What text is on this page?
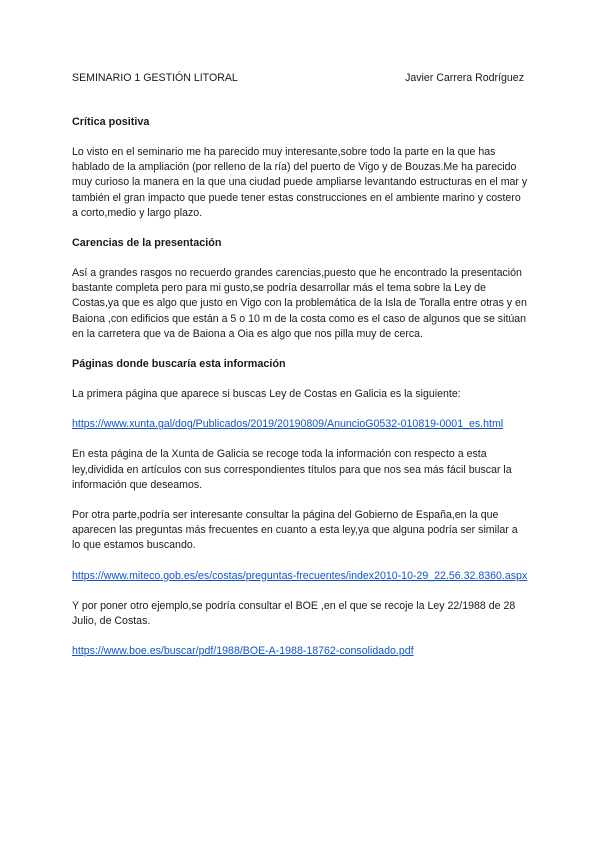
SEMINARIO 1 GESTIÓN LITORAL	Javier Carrera Rodríguez
Crítica positiva

Lo visto en el seminario me ha parecido muy interesante,sobre todo la parte en la que has hablado de la ampliación (por relleno de la ría) del puerto de Vigo y de Bouzas.Me ha parecido muy curioso la manera en la que una ciudad puede ampliarse levantando estructuras en el mar y también el gran impacto que puede tener estas construcciones en el ambiente marino y costero a corto,medio y largo plazo.

Carencias de la presentación

Así a grandes rasgos no recuerdo grandes carencias,puesto que he encontrado la presentación bastante completa pero para mi gusto,se podría desarrollar más el tema sobre la Ley de Costas,ya que es algo que justo en Vigo con la problemática de la Isla de Toralla entre otras y en Baiona ,con edificios que están a 5 o 10 m de la costa como es el caso de algunos que se sitúan en la carretera que va de Baiona a Oia es algo que nos pilla muy de cerca.

Páginas donde buscaría esta información

La primera página que aparece si buscas Ley de Costas en Galicia es la siguiente:

https://www.xunta.gal/dog/Publicados/2019/20190809/AnuncioG0532-010819-0001_es.html

En esta página de la Xunta de Galicia se recoge toda la información con respecto a esta ley,dividida en artículos con sus correspondientes títulos para que nos sea más fácil buscar la información que deseamos.

Por otra parte,podría ser interesante consultar la página del Gobierno de España,en la que aparecen las preguntas más frecuentes en cuanto a esta ley,ya que alguna podría ser similar a lo que estamos buscando.

https://www.miteco.gob.es/es/costas/preguntas-frecuentes/index2010-10-29_22.56.32.8360.aspx

Y por poner otro ejemplo,se podría consultar el BOE ,en el que se recoje la Ley 22/1988 de 28 Julio, de Costas.

https://www.boe.es/buscar/pdf/1988/BOE-A-1988-18762-consolidado.pdf
